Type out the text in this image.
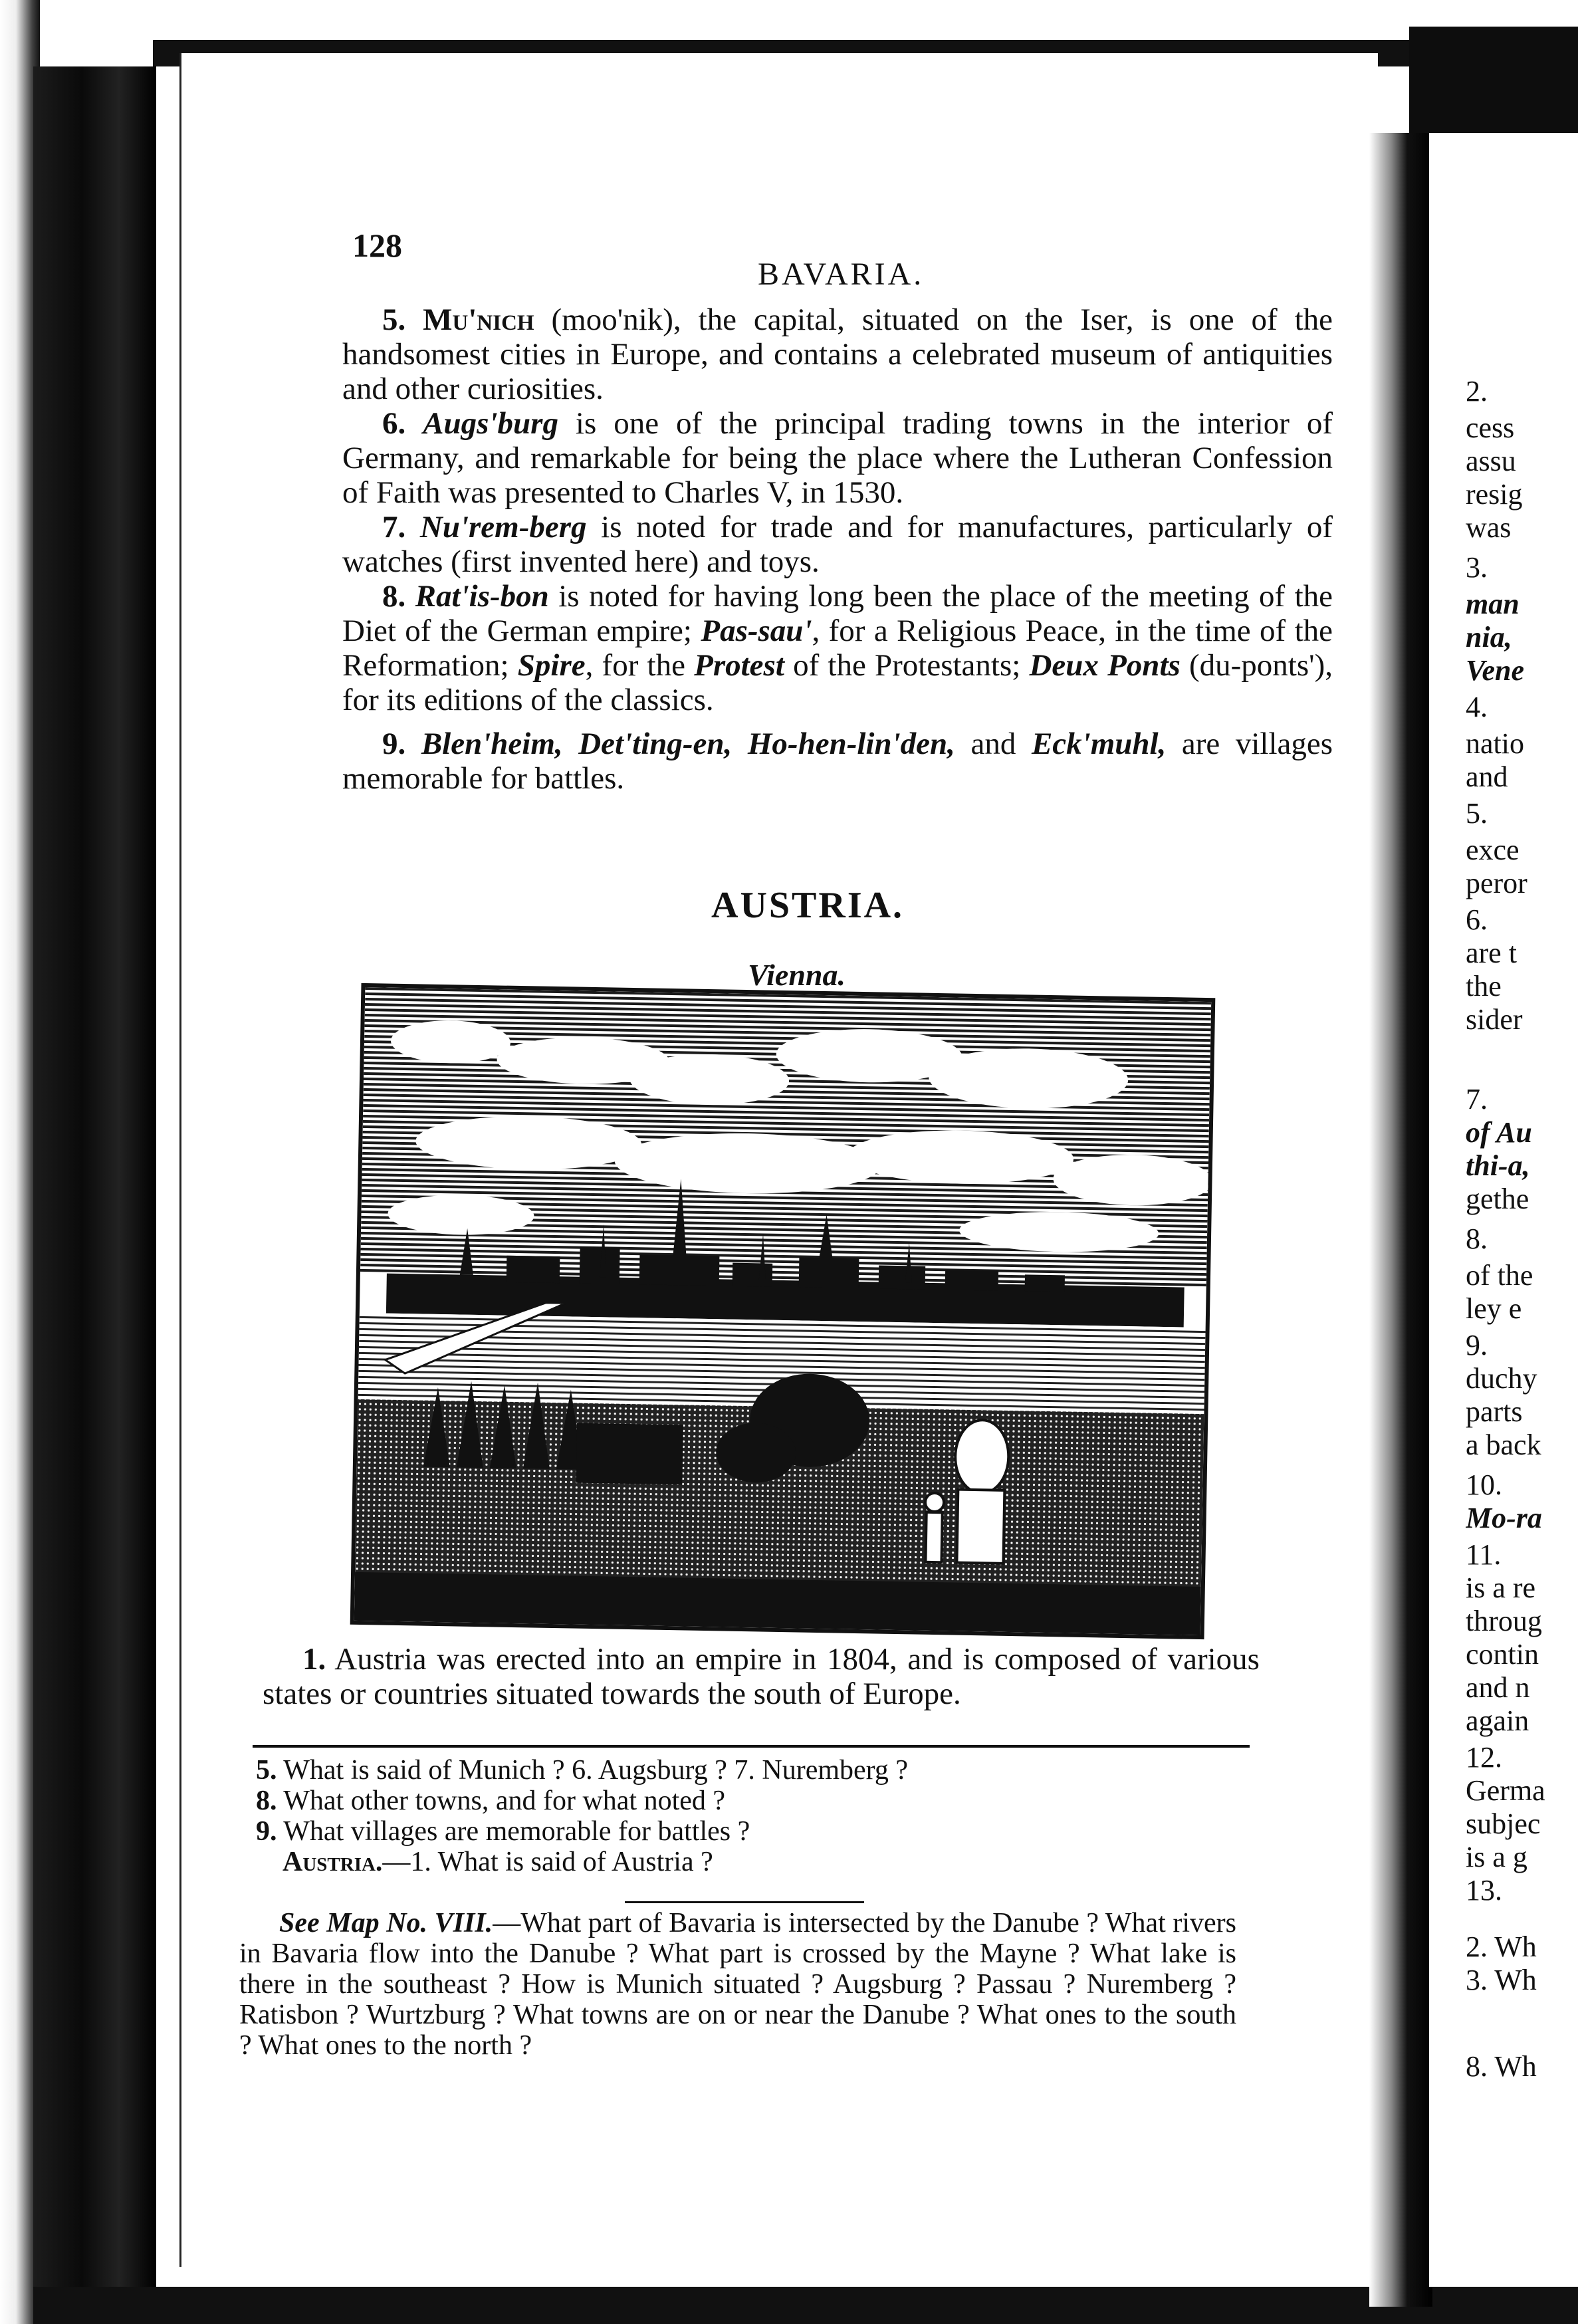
128
BAVARIA.

5. Mu'nich (moo'nik), the capital, situated on the Iser, is one of the handsomest cities in Europe, and contains a celebrated museum of antiquities and other curiosities.

6. Augs'burg is one of the principal trading towns in the interior of Germany, and remarkable for being the place where the Lutheran Confession of Faith was presented to Charles V, in 1530.

7. Nu'rem-berg is noted for trade and for manufactures, particularly of watches (first invented here) and toys.

8. Rat'is-bon is noted for having long been the place of the meeting of the Diet of the German empire; Pas-sau', for a Religious Peace, in the time of the Reformation; Spire, for the Protest of the Protestants; Deux Ponts (du-ponts'), for its editions of the classics.

9. Blen'heim, Det'ting-en, Ho-hen-lin'den, and Eck'muhl, are villages memorable for battles.

AUSTRIA.
Vienna.

1. Austria was erected into an empire in 1804, and is composed of various states or countries situated towards the south of Europe.

5. What is said of Munich ? 6. Augsburg ? 7. Nuremberg ?
8. What other towns, and for what noted ?
9. What villages are memorable for battles ?
Austria.—1. What is said of Austria ?
See Map No. VIII.—What part of Bavaria is intersected by the Danube ? What rivers in Bavaria flow into the Danube ? What part is crossed by the Mayne ? What lake is there in the southeast ? How is Munich situated ? Augsburg ? Passau ? Nuremberg ? Ratisbon ? Wurtzburg ? What towns are on or near the Danube ? What ones to the south ? What ones to the north ?
2.
cess
assu
resig
was
3.
man
nia,
Vene
4.
natio
and
5.
exce
peror
6.
are t
the
sider
7.
of Au
thi-a,
gethe
8.
of the
ley e
9.
duchy
parts
a back
10.
Mo-ra
11.
is a re
throug
contin
and n
again
12.
Germa
subjec
is a g
13.
2. Wh
3. Wh
8. Wh
